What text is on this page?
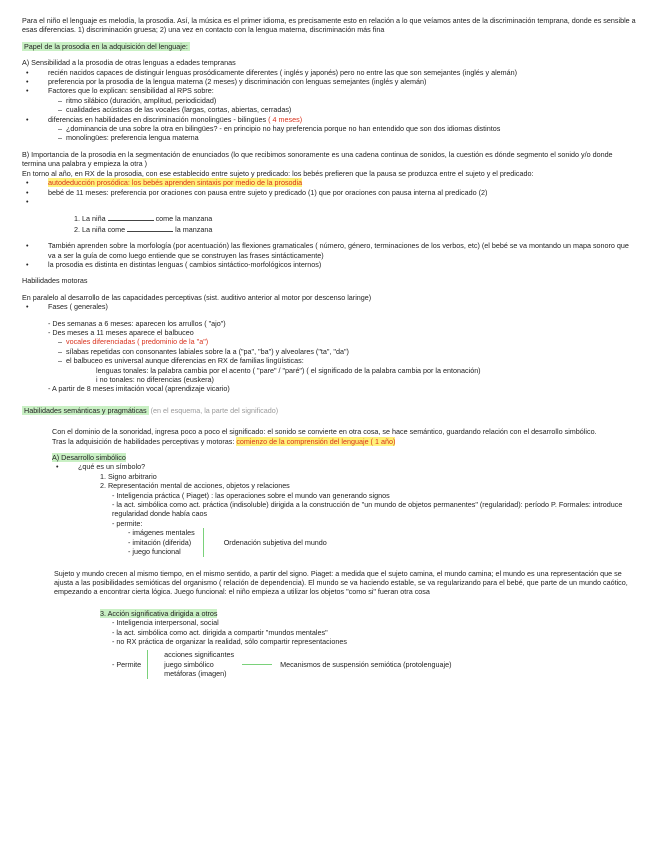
Para el niño el lenguaje es melodía, la prosodia. Así, la música es el primer idioma, es precisamente esto en relación a lo que veíamos antes de la discriminación temprana, donde es sensible a esas diferencias. 1) discriminación gruesa; 2) una vez en contacto con la lengua materna, discriminación más fina

Papel de la prosodia en la adquisición del lenguaje:

A) Sensibilidad a la prosodia de otras lenguas a edades tempranas

• recién nacidos capaces de distinguir lenguas prosódicamente diferentes ( inglés y japonés) pero no entre las que son semejantes (inglés y alemán)
• preferencia por la prosodia de la lengua materna (2 meses) y discriminación con lenguas semejantes (inglés y alemán)
• Factores que lo explican: sensibilidad al RPS sobre:
– ritmo silábico (duración, amplitud, periodicidad)
– cualidades acústicas de las vocales (largas, cortas, abiertas, cerradas)
• diferencias en habilidades en discriminación monolingües - bilingües ( 4 meses)
– ¿dominancia de una sobre la otra en bilingües? - en principio no hay preferencia porque no han entendido que son dos idiomas distintos
– monolingües: preferencia lengua materna

B) Importancia de la prosodia en la segmentación de enunciados (lo que recibimos sonoramente es una cadena continua de sonidos, la cuestión es dónde segmento el sonido y/o donde termina una palabra y empieza la otra )

En torno al año, en RX de la prosodia, con ese establecido entre sujeto y predicado: los bebés prefieren que la pausa se produzca entre el sujeto y el predicado:

• autodeducción prosódica: los bebés aprenden sintaxis por medio de la prosodia
• bebé de 11 meses: preferencia por oraciones con pausa entre sujeto y predicado (1) que por oraciones con pausa interna al predicado (2)
•
1. La niña	come la manzana
2. La niña come	la manzana
• También aprenden sobre la morfología (por acentuación) las flexiones gramaticales ( número, género, terminaciones de los verbos, etc) (el bebé se va montando un mapa sonoro que va a ser la guía de como luego entiende que se construyen las frases sintácticamente)
• la prosodia es distinta en distintas lenguas ( cambios sintáctico-morfológicos internos)

Habilidades motoras

En paralelo al desarrollo de las capacidades perceptivas (sist. auditivo anterior al motor por descenso laringe)

• Fases ( generales)
- Des semanas a 6 meses: aparecen los arrullos ( "ajo")
- Des meses a 11 meses aparece el balbuceo
– vocales diferenciadas ( predominio de la "a")
– sílabas repetidas con consonantes labiales sobre la a ("pa", "ba") y alveolares ("ta", "da")
– el balbuceo es universal aunque diferencias en RX de familias lingüísticas:
lenguas tonales: la palabra cambia por el acento ( "pare" / "paré") ( el significado de la palabra cambia por la entonación)
i no tonales: no diferencias (euskera)
- A partir de 8 meses imitación vocal (aprendizaje vicario)
Habilidades semánticas y pragmáticas (en el esquema, la parte del significado)

Con el dominio de la sonoridad, ingresa poco a poco el significado: el sonido se convierte en otra cosa, se hace semántico, guardando relación con el desarrollo simbólico.

Tras la adquisición de habilidades perceptivas y motoras: comienzo de la comprensión del lenguaje ( 1 año)

A) Desarrollo simbólico
• ¿qué es un símbolo?
1. Signo arbitrario
2. Representación mental de acciones, objetos y relaciones
- Inteligencia práctica ( Piaget) : las operaciones sobre el mundo van generando signos
- la act. simbólica como act. práctica (indisoluble) dirigida a la construcción de "un mundo de objetos permanentes" (regularidad): período P. Formales: introduce regularidad donde había caos
- permite:
- imágenes mentales
- imitación (diferida)
- juego funcional
Ordenación subjetiva del mundo

Sujeto y mundo crecen al mismo tiempo, en el mismo sentido, a partir del signo. Piaget: a medida que el sujeto camina, el mundo camina; el mundo es una representación que se ajusta a las posibilidades semióticas del organismo ( relación de dependencia). El mundo se va haciendo estable, se va regularizando para el bebé, que parte de un mundo caótico, empezando a encontrar cierta lógica. Juego funcional: el niño empieza a utilizar los objetos "como si" fueran otra cosa

3. Acción significativa dirigida a otros
- Inteligencia interpersonal, social
- la act. simbólica como act. dirigida a compartir "mundos mentales"
- no RX práctica de organizar la realidad, sólo compartir representaciones
- Permite
acciones significantes
juego simbólico
metáforas (imagen)
Mecanismos de suspensión semiótica (protolenguaje)
